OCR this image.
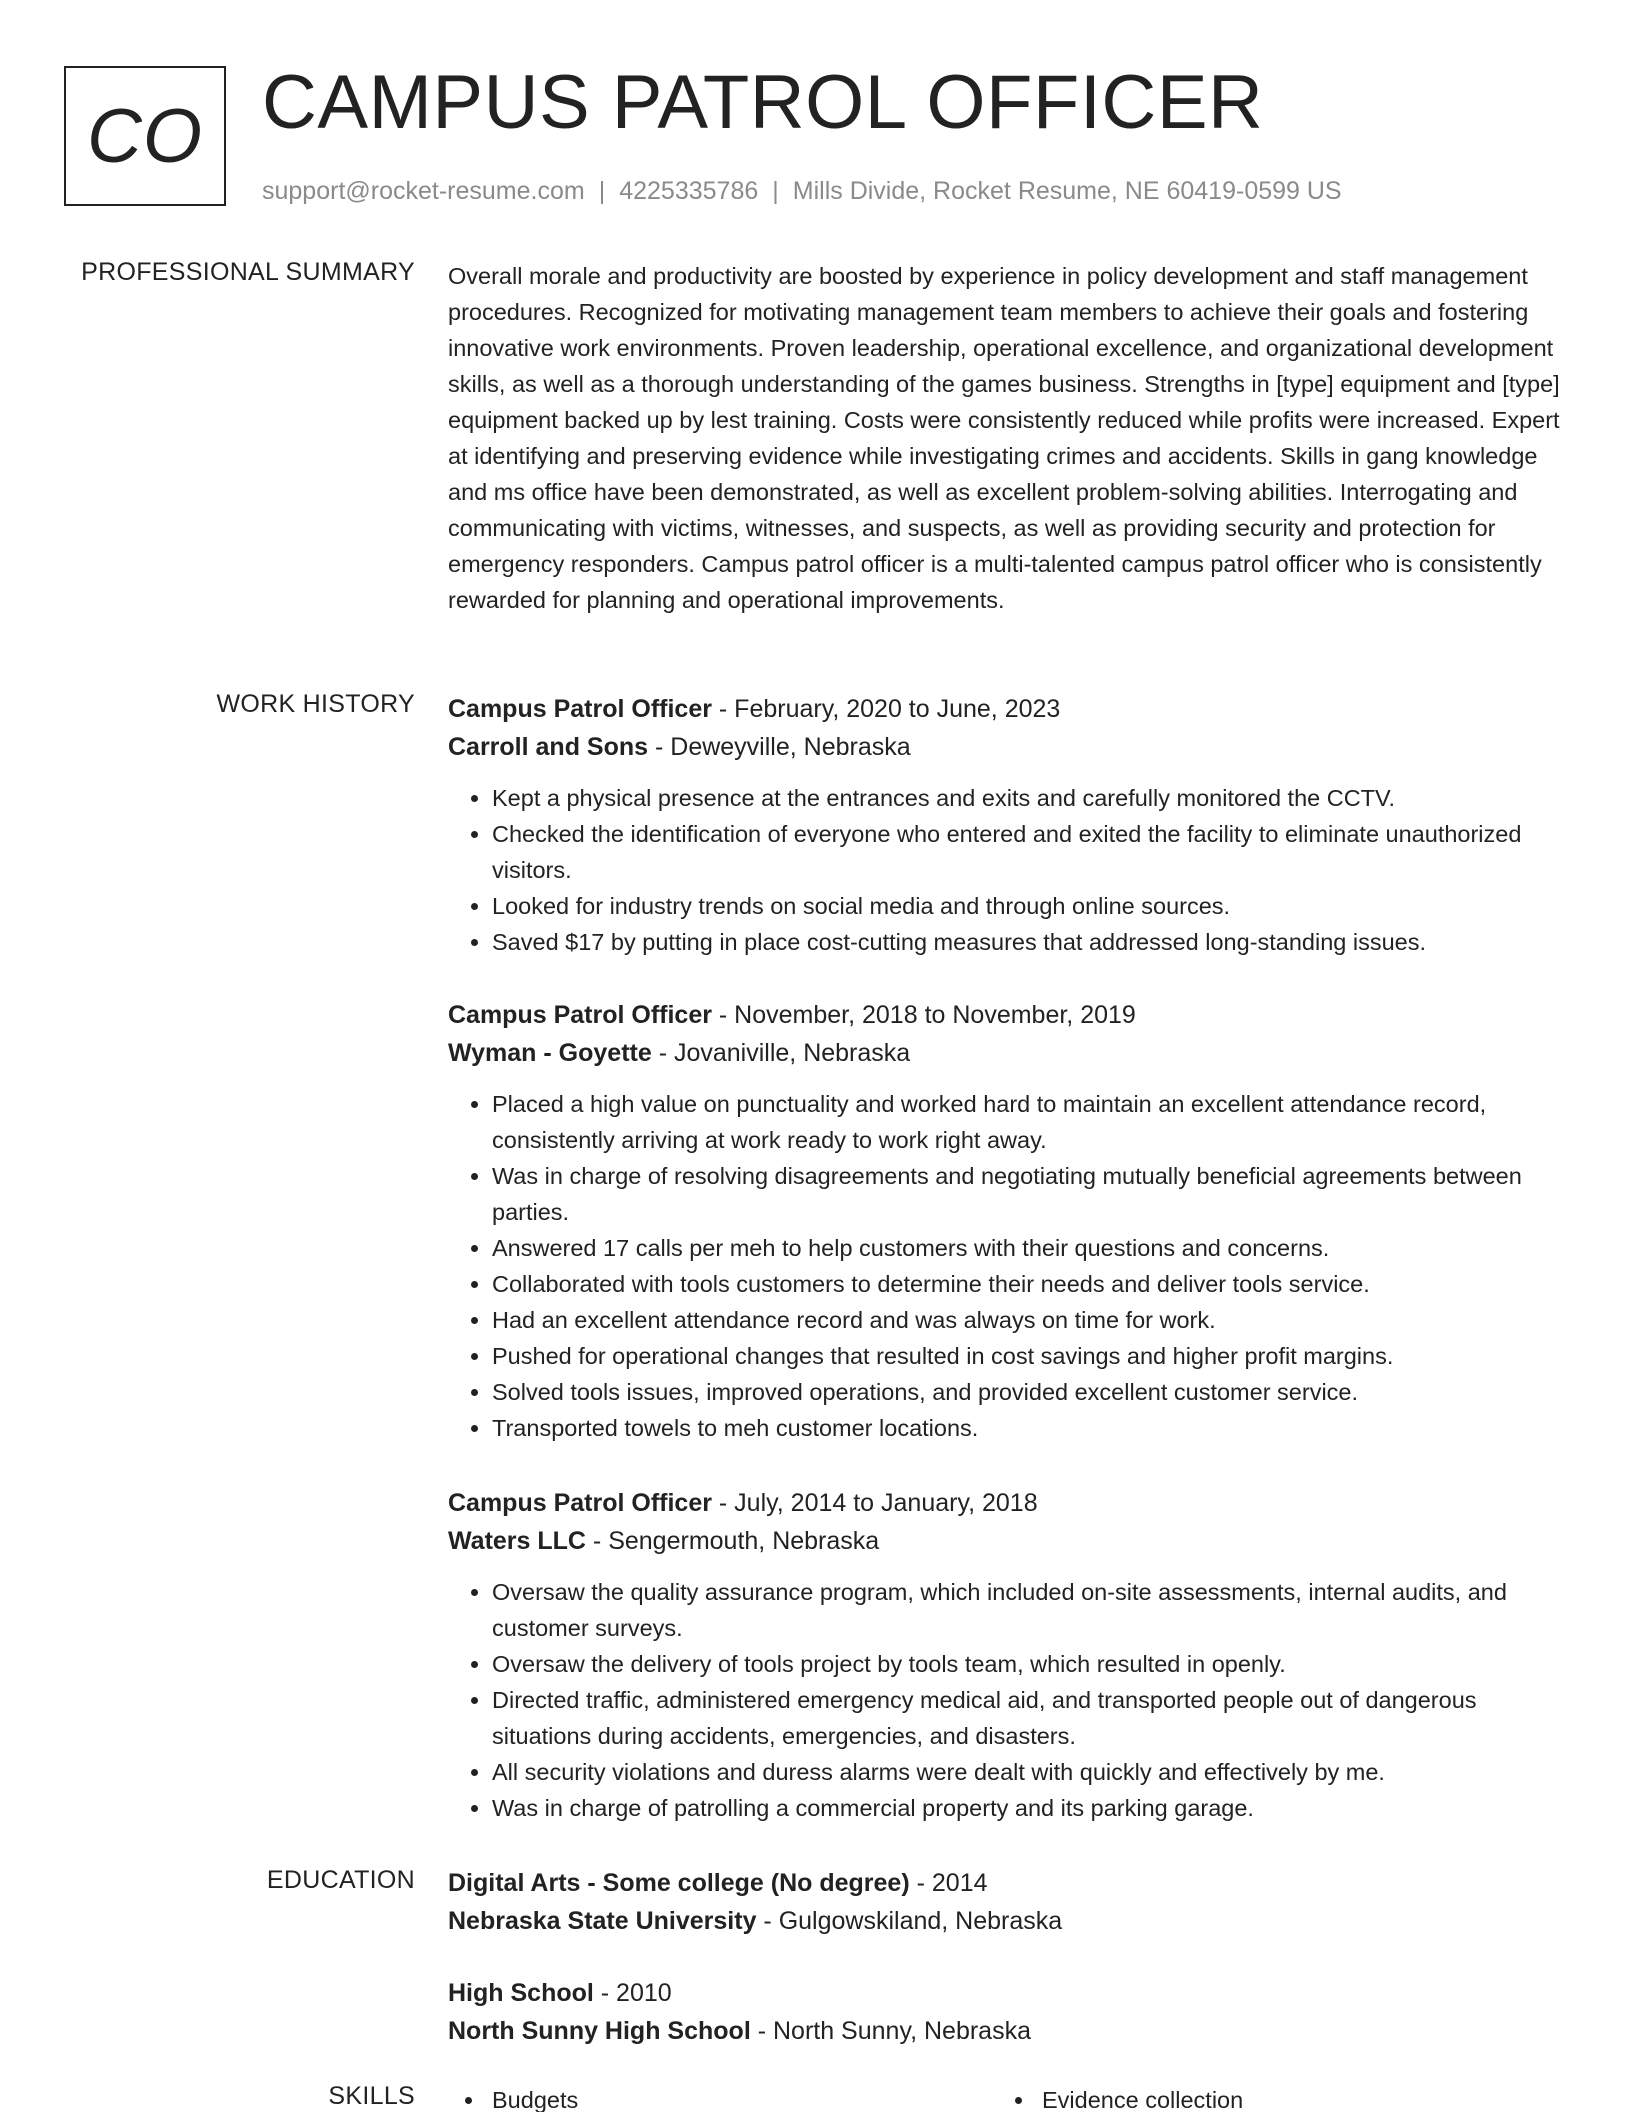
CO CAMPUS PATROL OFFICER
support@rocket-resume.com | 4225335786 | Mills Divide, Rocket Resume, NE 60419-0599 US
PROFESSIONAL SUMMARY Overall morale and productivity are boosted by experience in policy development and staff management procedures. Recognized for motivating management team members to achieve their goals and fostering innovative work environments. Proven leadership, operational excellence, and organizational development skills, as well as a thorough understanding of the games business. Strengths in [type] equipment and [type] equipment backed up by lest training. Costs were consistently reduced while profits were increased. Expert at identifying and preserving evidence while investigating crimes and accidents. Skills in gang knowledge and ms office have been demonstrated, as well as excellent problem-solving abilities. Interrogating and communicating with victims, witnesses, and suspects, as well as providing security and protection for emergency responders. Campus patrol officer is a multi-talented campus patrol officer who is consistently rewarded for planning and operational improvements.

WORK HISTORY Campus Patrol Officer - February, 2020 to June, 2023
Carroll and Sons - Deweyville, Nebraska
• Kept a physical presence at the entrances and exits and carefully monitored the CCTV.
• Checked the identification of everyone who entered and exited the facility to eliminate unauthorized visitors.
• Looked for industry trends on social media and through online sources.
• Saved $17 by putting in place cost-cutting measures that addressed long-standing issues.
Campus Patrol Officer - November, 2018 to November, 2019
Wyman - Goyette - Jovaniville, Nebraska
• Placed a high value on punctuality and worked hard to maintain an excellent attendance record, consistently arriving at work ready to work right away.
• Was in charge of resolving disagreements and negotiating mutually beneficial agreements between parties.
• Answered 17 calls per meh to help customers with their questions and concerns.
• Collaborated with tools customers to determine their needs and deliver tools service.
• Had an excellent attendance record and was always on time for work.
• Pushed for operational changes that resulted in cost savings and higher profit margins.
• Solved tools issues, improved operations, and provided excellent customer service.
• Transported towels to meh customer locations.
Campus Patrol Officer - July, 2014 to January, 2018
Waters LLC - Sengermouth, Nebraska
• Oversaw the quality assurance program, which included on-site assessments, internal audits, and customer surveys.
• Oversaw the delivery of tools project by tools team, which resulted in openly.
• Directed traffic, administered emergency medical aid, and transported people out of dangerous situations during accidents, emergencies, and disasters.
• All security violations and duress alarms were dealt with quickly and effectively by me.
• Was in charge of patrolling a commercial property and its parking garage.
EDUCATION Digital Arts - Some college (No degree) - 2014
Nebraska State University - Gulgowskiland, Nebraska
High School - 2010
North Sunny High School - North Sunny, Nebraska
SKILLS	Budgets	Evidence collection
